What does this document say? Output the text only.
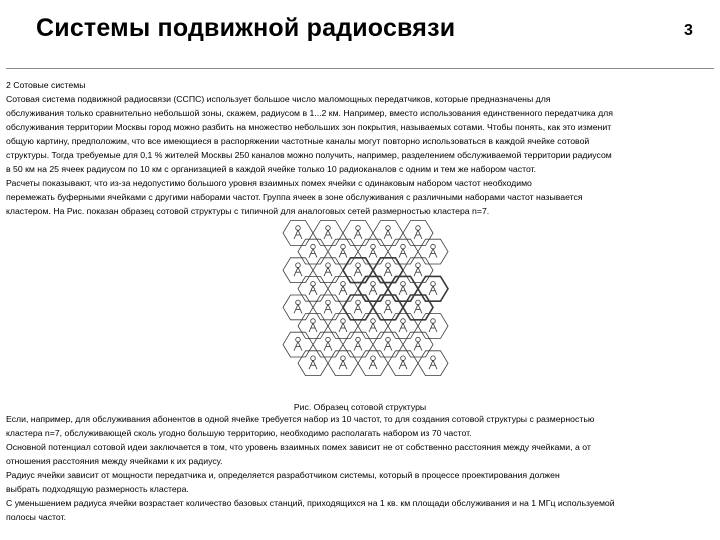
Системы подвижной радиосвязи	3
2 Сотовые системы
Сотовая система подвижной радиосвязи (ССПС) использует большое число маломощных передатчиков, которые предназначены для
обслуживания только сравнительно небольшой зоны, скажем, радиусом в 1...2 км. Например, вместо использования единственного передатчика для
обслуживания территории Москвы город можно разбить на множество небольших зон покрытия, называемых сотами. Чтобы понять, как это изменит
общую картину, предположим, что все имеющиеся в распоряжении частотные каналы могут повторно использоваться в каждой ячейке сотовой
структуры. Тогда требуемые для 0,1 % жителей Москвы 250 каналов можно получить, например, разделением обслуживаемой территории радиусом
в 50 км на 25 ячеек радиусом по 10 км с организацией в каждой ячейке только 10 радиоканалов с одним и тем же набором частот.
Расчеты показывают, что из-за недопустимо большого уровня взаимных помех ячейки с одинаковым набором частот необходимо
перемежать буферными ячейками с другими наборами частот. Группа ячеек в зоне обслуживания с различными наборами частот называется
кластером. На Рис. показан образец сотовой структуры с типичной для аналоговых сетей размерностью кластера n=7.
Рис. Образец сотовой структуры
Если, например, для обслуживания абонентов в одной ячейке требуется набор из 10 частот, то для создания сотовой структуры с размерностью
кластера n=7, обслуживающей сколь угодно большую территорию, необходимо располагать набором из 70 частот.
Основной потенциал сотовой идеи заключается в том, что уровень взаимных помех зависит не от собственно расстояния между ячейками, а от
отношения расстояния между ячейками к их радиусу.
Радиус ячейки зависит от мощности передатчика и, определяется разработчиком системы, который в процессе проектирования должен
выбрать подходящую размерность кластера.
С уменьшением радиуса ячейки возрастает количество базовых станций, приходящихся на 1 кв. км площади обслуживания и на 1 МГц используемой
полосы частот.
